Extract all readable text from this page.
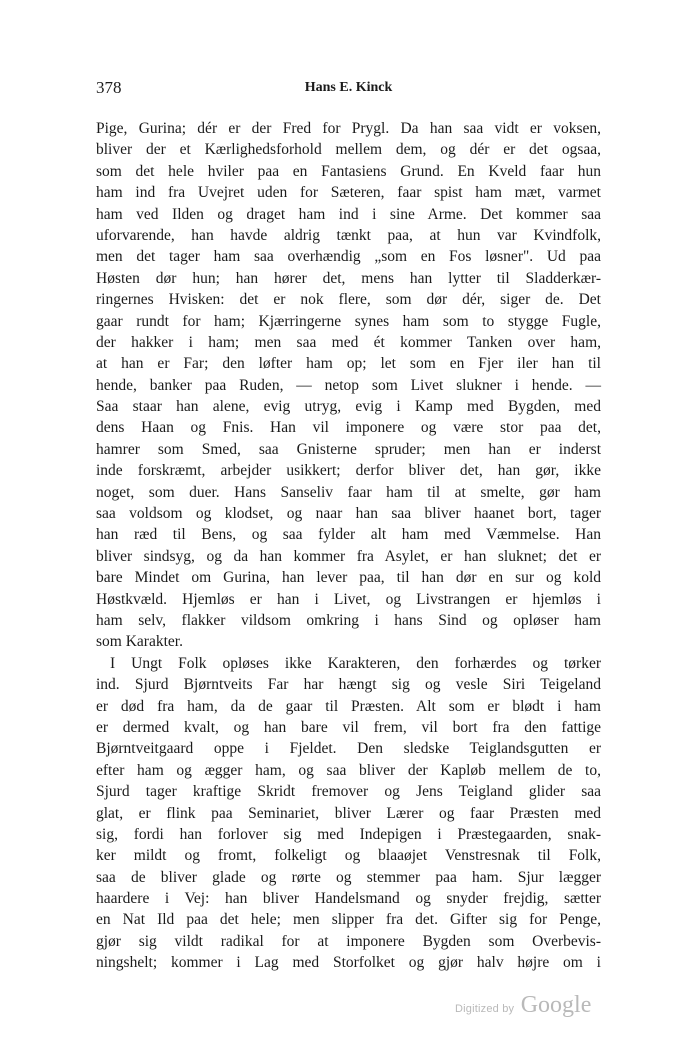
378	Hans E. Kinck
Pige, Gurina; dér er der Fred for Prygl. Da han saa vidt er voksen,
bliver der et Kærlighedsforhold mellem dem, og dér er det ogsaa,
som det hele hviler paa en Fantasiens Grund. En Kveld faar hun
ham ind fra Uvejret uden for Sæteren, faar spist ham mæt, varmet
ham ved Ilden og draget ham ind i sine Arme. Det kommer saa
uforvarende, han havde aldrig tænkt paa, at hun var Kvindfolk,
men det tager ham saa overhændig „som en Fos løsner". Ud paa
Høsten dør hun; han hører det, mens han lytter til Sladderkær-
ringernes Hvisken: det er nok flere, som dør dér, siger de. Det
gaar rundt for ham; Kjærringerne synes ham som to stygge Fugle,
der hakker i ham; men saa med ét kommer Tanken over ham,
at han er Far; den løfter ham op; let som en Fjer iler han til
hende, banker paa Ruden, — netop som Livet slukner i hende. —
Saa staar han alene, evig utryg, evig i Kamp med Bygden, med
dens Haan og Fnis. Han vil imponere og være stor paa det,
hamrer som Smed, saa Gnisterne spruder; men han er inderst
inde forskræmt, arbejder usikkert; derfor bliver det, han gør, ikke
noget, som duer. Hans Sanseliv faar ham til at smelte, gør ham
saa voldsom og klodset, og naar han saa bliver haanet bort, tager
han ræd til Bens, og saa fylder alt ham med Væmmelse. Han
bliver sindsyg, og da han kommer fra Asylet, er han sluknet; det er
bare Mindet om Gurina, han lever paa, til han dør en sur og kold
Høstkvæld. Hjemløs er han i Livet, og Livstrangen er hjemløs i
ham selv, flakker vildsom omkring i hans Sind og opløser ham
som Karakter.
I Ungt Folk opløses ikke Karakteren, den forhærdes og tørker
ind. Sjurd Bjørntveits Far har hængt sig og vesle Siri Teigeland
er død fra ham, da de gaar til Præsten. Alt som er blødt i ham
er dermed kvalt, og han bare vil frem, vil bort fra den fattige
Bjørntveitgaard oppe i Fjeldet. Den sledske Teiglandsgutten er
efter ham og ægger ham, og saa bliver der Kapløb mellem de to,
Sjurd tager kraftige Skridt fremover og Jens Teigland glider saa
glat, er flink paa Seminariet, bliver Lærer og faar Præsten med
sig, fordi han forlover sig med Indepigen i Præstegaarden, snak-
ker mildt og fromt, folkeligt og blaaøjet Venstresnak til Folk,
saa de bliver glade og rørte og stemmer paa ham. Sjur lægger
haardere i Vej: han bliver Handelsmand og snyder frejdig, sætter
en Nat Ild paa det hele; men slipper fra det. Gifter sig for Penge,
gjør sig vildt radikal for at imponere Bygden som Overbevis-
ningshelt; kommer i Lag med Storfolket og gjør halv højre om i
Digitized by Google
